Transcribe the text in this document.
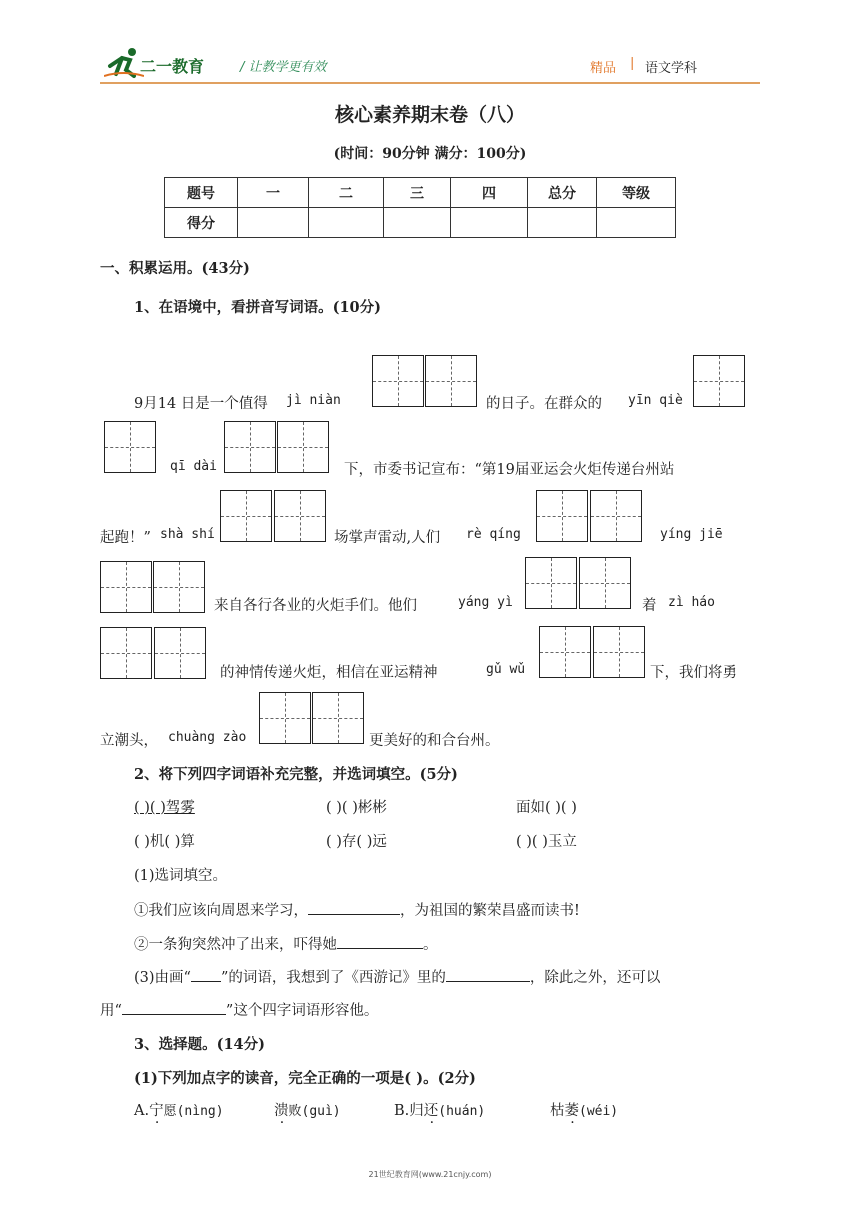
二一教育	/ 让教学更有效	精品 | 语文学科
核心素养期末卷（八）
(时间：90分钟 满分：100分)
题号	一	二	三	四	总分	等级
得分						
一、积累运用。(43分)
1、在语境中，看拼音写词语。(10分)
9月14 日是一个值得 jì niàn	的日子。在群众的 yīn qiè
qī dài	下，市委书记宣布：“第19届亚运会火炬传递台州站
起跑！” shà shí	场掌声雷动,人们 rè qíng	yíng jiē
来自各行各业的火炬手们。他们	yáng yì	着 zì háo
的神情传递火炬，相信在亚运精神	gǔ wǔ	下，我们将勇
立潮头， chuàng zào	更美好的和合台州。
2、将下列四字词语补充完整，并选词填空。(5分)
( )( )驾雾	( )( )彬彬	面如( )( )
( )机( )算	( )存( )远	( )( )玉立
(1)选词填空。
①我们应该向周恩来学习，	，为祖国的繁荣昌盛而读书!
②一条狗突然冲了出来，吓得她	。
(3)由画“ ”的词语，我想到了《西游记》里的	，除此之外，还可以
用“	”这个四字词语形容他。
3、选择题。(14分)
(1)下列加点字的读音，完全正确的一项是( )。(2分)
A.宁愿(nìng)	溃败(guì)	B.归还(huán)	枯萎(wéi)
21世纪教育网(www.21cnjy.com)
